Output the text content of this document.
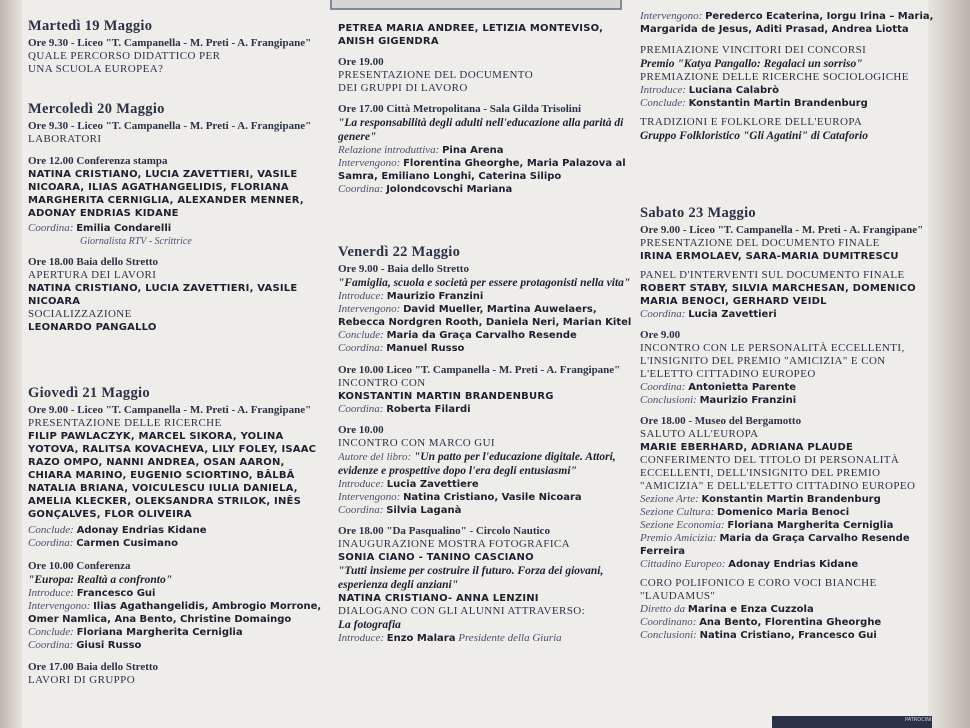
Martedì 19 Maggio

Ore 9.30 - Liceo "T. Campanella - M. Preti - A. Frangipane"

QUALE PERCORSO DIDATTICO PER UNA SCUOLA EUROPEA?

Mercoledì 20 Maggio

Ore 9.30 - Liceo "T. Campanella - M. Preti - A. Frangipane"

LABORATORI

Ore 12.00 Conferenza stampa

NATINA CRISTIANO, LUCIA ZAVETTIERI, VASILE NICOARA, ILIAS AGATHANGELIDIS, FLORIANA MARGHERITA CERNIGLIA, ALEXANDER MENNER, ADONAY ENDRIAS KIDANE

Coordina: Emilia Condarelli

Giornalista RTV - Scrittrice

Ore 18.00 Baia dello Stretto

APERTURA DEI LAVORI

NATINA CRISTIANO, LUCIA ZAVETTIERI, VASILE NICOARA

SOCIALIZZAZIONE

LEONARDO PANGALLO

Giovedì 21 Maggio

Ore 9.00 - Liceo "T. Campanella - M. Preti - A. Frangipane"

PRESENTAZIONE DELLE RICERCHE

FILIP PAWLACZYK, MARCEL SIKORA, YOLINA YOTOVA, RALITSA KOVACHEVA, LILY FOLEY, ISAAC RAZO OMPO, NANNI ANDREA, OSAN AARON, CHIARA MARINO, EUGENIO SCIORTINO, BÂLBÂ NATALIA BRIANA, VOICULESCU IULIA DANIELA, AMELIA KLECKER, OLEKSANDRA STRILOK, INÊS GONÇALVES, FLOR OLIVEIRA

Conclude: Adonay Endrias Kidane

Coordina: Carmen Cusimano

Ore 10.00 Conferenza

"Europa: Realtà a confronto"

Introduce: Francesco Gui

Intervengono: Ilias Agathangelidis, Ambrogio Morrone, Omer Namlica, Ana Bento, Christine Domaingo

Conclude: Floriana Margherita Cerniglia

Coordina: Giusi Russo

Ore 17.00 Baia dello Stretto

LAVORI DI GRUPPO

PETREA MARIA ANDREE, LETIZIA MONTEVISO, ANISH GIGENDRA

Ore 19.00

PRESENTAZIONE DEL DOCUMENTO DEI GRUPPI DI LAVORO

Ore 17.00 Città Metropolitana - Sala Gilda Trisolini

"La responsabilità degli adulti nell'educazione alla parità di genere"

Relazione introduttiva: Pina Arena

Intervengono: Florentina Gheorghe, Maria Palazova al Samra, Emiliano Longhi, Caterina Silipo

Coordina: Jolondcovschi Mariana

Venerdì 22 Maggio

Ore 9.00 - Baia dello Stretto

"Famiglia, scuola e società per essere protagonisti nella vita"

Introduce: Maurizio Franzini

Intervengono: David Mueller, Martina Auwelaers, Rebecca Nordgren Rooth, Daniela Neri, Marian Kitel

Conclude: Maria da Graça Carvalho Resende

Coordina: Manuel Russo

Ore 10.00 Liceo "T. Campanella - M. Preti - A. Frangipane"

INCONTRO CON

KONSTANTIN MARTIN BRANDENBURG

Coordina: Roberta Filardi

Ore 10.00

INCONTRO CON MARCO GUI

Autore del libro: "Un patto per l'educazione digitale. Attori, evidenze e prospettive dopo l'era degli entusiasmi"

Introduce: Lucia Zavettiere

Intervengono: Natina Cristiano, Vasile Nicoara

Coordina: Silvia Laganà

Ore 18.00 "Da Pasqualino" - Circolo Nautico

INAUGURAZIONE MOSTRA FOTOGRAFICA

SONIA CIANO - TANINO CASCIANO

"Tutti insieme per costruire il futuro. Forza dei giovani, esperienza degli anziani"

NATINA CRISTIANO- ANNA LENZINI

DIALOGANO CON GLI ALUNNI ATTRAVERSO:

La fotografia

Introduce: Enzo Malara Presidente della Giuria

Intervengono: Perederco Ecaterina, Iorgu Irina – Maria, Margarida de Jesus, Aditi Prasad, Andrea Liotta

PREMIAZIONE VINCITORI DEI CONCORSI

Premio "Katya Pangallo: Regalaci un sorriso"

PREMIAZIONE DELLE RICERCHE SOCIOLOGICHE

Introduce: Luciana Calabrò

Conclude: Konstantin Martin Brandenburg

TRADIZIONI E FOLKLORE DELL'EUROPA

Gruppo Folkloristico "Gli Agatini" di Cataforio

Sabato 23 Maggio

Ore 9.00 - Liceo "T. Campanella - M. Preti - A. Frangipane"

PRESENTAZIONE DEL DOCUMENTO FINALE

IRINA ERMOLAEV, SARA-MARIA DUMITRESCU

PANEL D'INTERVENTI SUL DOCUMENTO FINALE

ROBERT STABY, SILVIA MARCHESAN, DOMENICO MARIA BENOCI, GERHARD VEIDL

Coordina: Lucia Zavettieri

Ore 9.00

INCONTRO CON LE PERSONALITÀ ECCELLENTI, L'INSIGNITO DEL PREMIO "AMICIZIA" E CON L'ELETTO CITTADINO EUROPEO

Coordina: Antonietta Parente

Conclusioni: Maurizio Franzini

Ore 18.00 - Museo del Bergamotto

SALUTO ALL'EUROPA

MARIE EBERHARD, ADRIANA PLAUDE

CONFERIMENTO DEL TITOLO DI PERSONALITÀ ECCELLENTI, DELL'INSIGNITO DEL PREMIO "AMICIZIA" E DELL'ELETTO CITTADINO EUROPEO

Sezione Arte: Konstantin Martin Brandenburg

Sezione Cultura: Domenico Maria Benoci

Sezione Economia: Floriana Margherita Cerniglia

Premio Amicizia: Maria da Graça Carvalho Resende Ferreira

Cittadino Europeo: Adonay Endrias Kidane

CORO POLIFONICO E CORO VOCI BIANCHE "LAUDAMUS"

Diretto da Marina e Enza Cuzzola

Coordinano: Ana Bento, Florentina Gheorghe

Conclusioni: Natina Cristiano, Francesco Gui

PATROCINI
